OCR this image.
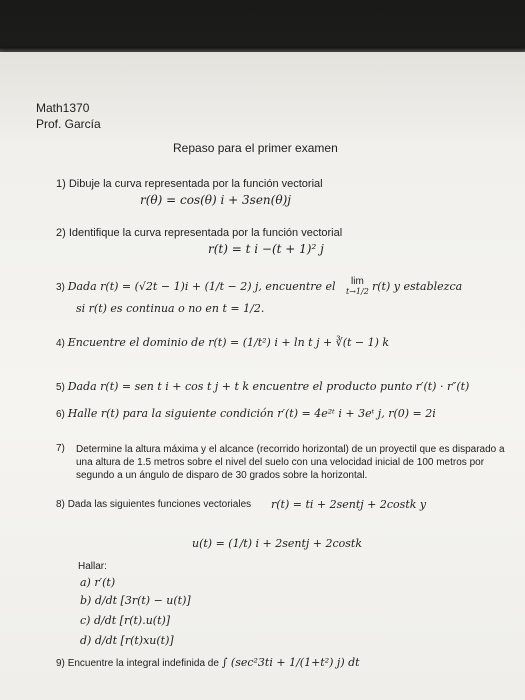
Math1370
Prof. García
Repaso para el primer examen
1) Dibuje la curva representada por la función vectorial
r(θ) = cos(θ) i + 3sen(θ)j
2) Identifique la curva representada por la función vectorial
r(t) = t i −(t + 1)² j
3) Dada r(t) = (√2t − 1)i + (1/t − 2) j, encuentre el	lim
t→1/2 r(t) y establezca
si r(t) es continua o no en t = 1/2.
4) Encuentre el dominio de r(t) = (1/t²) i + ln t j + ∛(t − 1) k
5) Dada r(t) = sen t i + cos t j + t k encuentre el producto punto r′(t) · r″(t)
6) Halle r(t) para la siguiente condición r′(t) = 4e²ᵗ i + 3eᵗ j, r(0) = 2i
7) Determine la altura máxima y el alcance (recorrido horizontal) de un proyectil que es disparado a una altura de 1.5 metros sobre el nivel del suelo con una velocidad inicial de 100 metros por segundo a un ángulo de disparo de 30 grados sobre la horizontal.
8) Dada las siguientes funciones vectoriales r(t) = ti + 2sentj + 2costk y
u(t) = (1/t) i + 2sentj + 2costk
Hallar:
a) r′(t)
b) d/dt [3r(t) − u(t)]
c) d/dt [r(t).u(t)]
d) d/dt [r(t)xu(t)]
9) Encuentre la integral indefinida de ∫ (sec²3ti + 1/(1+t²) j) dt
